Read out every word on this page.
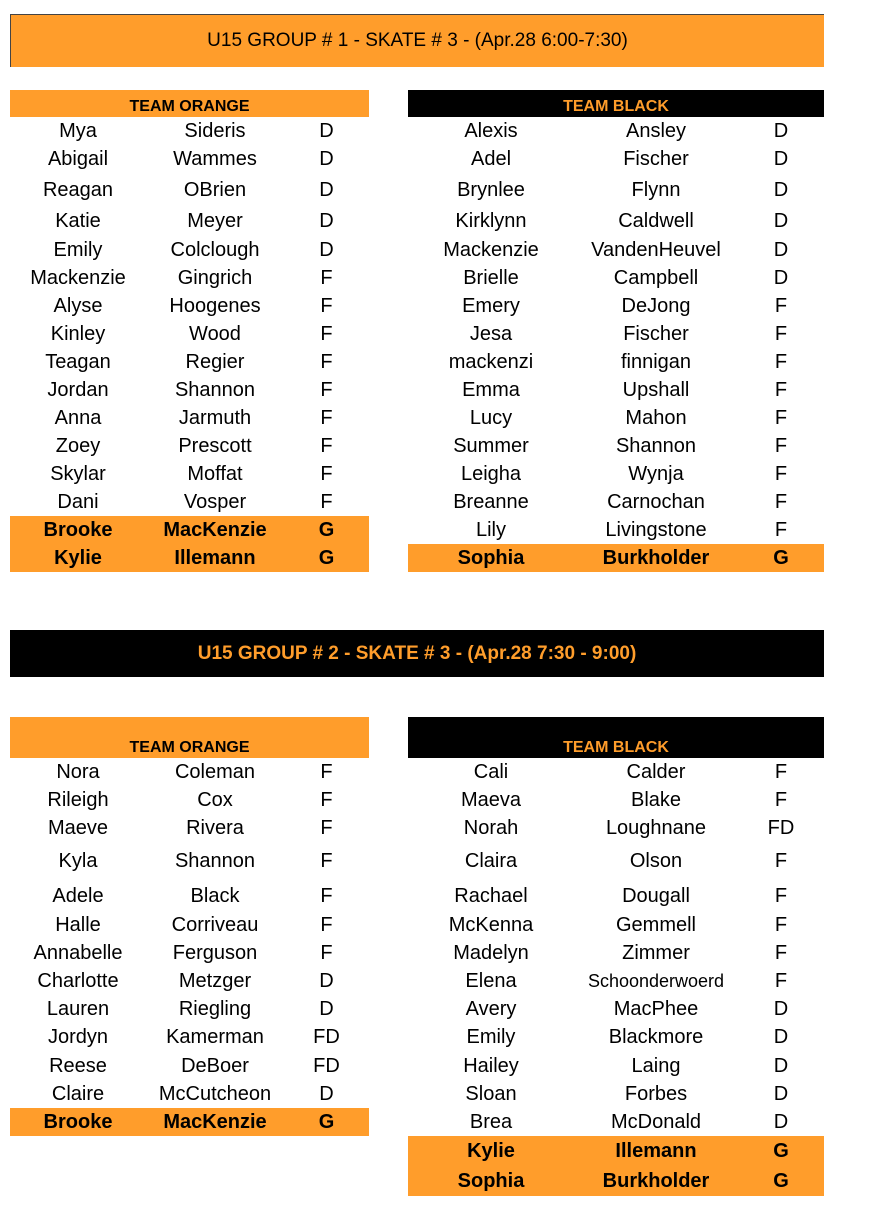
U15 GROUP # 1 - SKATE # 3 - (Apr.28 6:00-7:30)
TEAM ORANGE
Mya	Sideris	D
Abigail	Wammes	D
Reagan	OBrien	D
Katie	Meyer	D
Emily	Colclough	D
Mackenzie	Gingrich	F
Alyse	Hoogenes	F
Kinley	Wood	F
Teagan	Regier	F
Jordan	Shannon	F
Anna	Jarmuth	F
Zoey	Prescott	F
Skylar	Moffat	F
Dani	Vosper	F
Brooke	MacKenzie	G
Kylie	Illemann	G
TEAM BLACK
Alexis	Ansley	D
Adel	Fischer	D
Brynlee	Flynn	D
Kirklynn	Caldwell	D
Mackenzie	VandenHeuvel	D
Brielle	Campbell	D
Emery	DeJong	F
Jesa	Fischer	F
mackenzi	finnigan	F
Emma	Upshall	F
Lucy	Mahon	F
Summer	Shannon	F
Leigha	Wynja	F
Breanne	Carnochan	F
Lily	Livingstone	F
Sophia	Burkholder	G
U15 GROUP # 2 - SKATE # 3 - (Apr.28 7:30 - 9:00)
TEAM ORANGE
Nora	Coleman	F
Rileigh	Cox	F
Maeve	Rivera	F
Kyla	Shannon	F
Adele	Black	F
Halle	Corriveau	F
Annabelle	Ferguson	F
Charlotte	Metzger	D
Lauren	Riegling	D
Jordyn	Kamerman	FD
Reese	DeBoer	FD
Claire	McCutcheon	D
Brooke	MacKenzie	G
TEAM BLACK
Cali	Calder	F
Maeva	Blake	F
Norah	Loughnane	FD
Claira	Olson	F
Rachael	Dougall	F
McKenna	Gemmell	F
Madelyn	Zimmer	F
Elena	Schoonderwoerd	F
Avery	MacPhee	D
Emily	Blackmore	D
Hailey	Laing	D
Sloan	Forbes	D
Brea	McDonald	D
Kylie	Illemann	G
Sophia	Burkholder	G
